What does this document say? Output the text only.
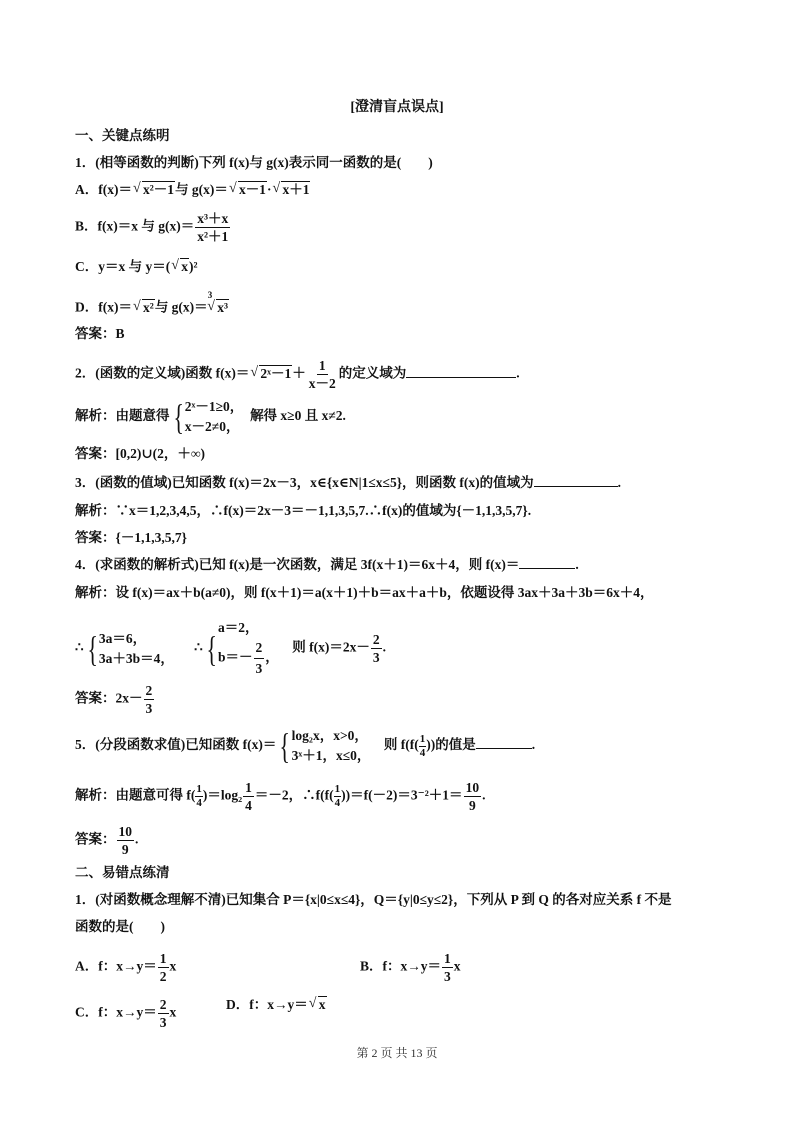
[澄清盲点误点]
一、关键点练明
1．(相等函数的判断)下列 f(x)与 g(x)表示同一函数的是(　　)
A．f(x)＝ √ x²－1与 g(x)＝ √ x－1· √ x＋1
B．f(x)＝x 与 $g(x)= \frac{\text{x³＋x}}{\text{x²＋1}}$
C．y＝x 与 y＝( √ x)²
D．f(x)＝ √ x²与 g(x)＝$^3$√ x³
答案：B
2．(函数的定义域)函数 f(x)＝ √ 2ˣ－1＋ $\frac{1}{x-2}$ 的定义域为	.
解析：由题意得 { 2ˣ－1≥0，
x－2≠0，
解得 x≥0 且 x≠2.
答案：[0,2)∪(2，＋∞)
3．(函数的值域)已知函数 f(x)＝2x－3，x∈{x∈N|1≤x≤5}，则函数 f(x)的值域为	.
解析：∵x＝1,2,3,4,5，∴f(x)＝2x－3＝－1,1,3,5,7.∴f(x)的值域为{－1,1,3,5,7}.
答案：{－1,1,3,5,7}
4．(求函数的解析式)已知 f(x)是一次函数，满足 3f(x＋1)＝6x＋4，则 f(x)＝	.
解析：设 f(x)＝ax＋b(a≠0)，则 f(x＋1)＝a(x＋1)＋b＝ax＋a＋b，依题设得 3ax＋3a＋3b＝6x＋4，
∴ { 3a＝6，
3a＋3b＝4，
∴ {
a＝2，
$b=- \frac{2}{3}$ ，
则 $f(x)=2x- \frac{2}{3}$ .
答案：$2x- \frac{2}{3}$
5．(分段函数求值)已知函数 f(x)＝ { log₂x，x>0，
3ˣ＋1，x≤0，
则 $f(f( \frac{1}{4}$ ))的值是	.
解析：由题意可得 $f( \frac{1}{4} )=\log_2 \frac{1}{4} =-2$，∴f(f( $\frac{1}{4} ))=f(-2)=3^{-2}+1= \frac{10}{9}$ .
答案： $\frac{10}{9}$ .
二、易错点练清
1．(对函数概念理解不清)已知集合 P＝{x|0≤x≤4}，Q＝{y|0≤y≤2}，下列从 P 到 Q 的各对应关系 f 不是
函数的是(　　)
A．f：$x\to y= \frac{1}{2}$ x	B．f：$x\to y= \frac{1}{3}$ x
C．f：$x\to y= \frac{2}{3}$ x
D．f：x→y＝ √ x
第 2 页 共 13 页
